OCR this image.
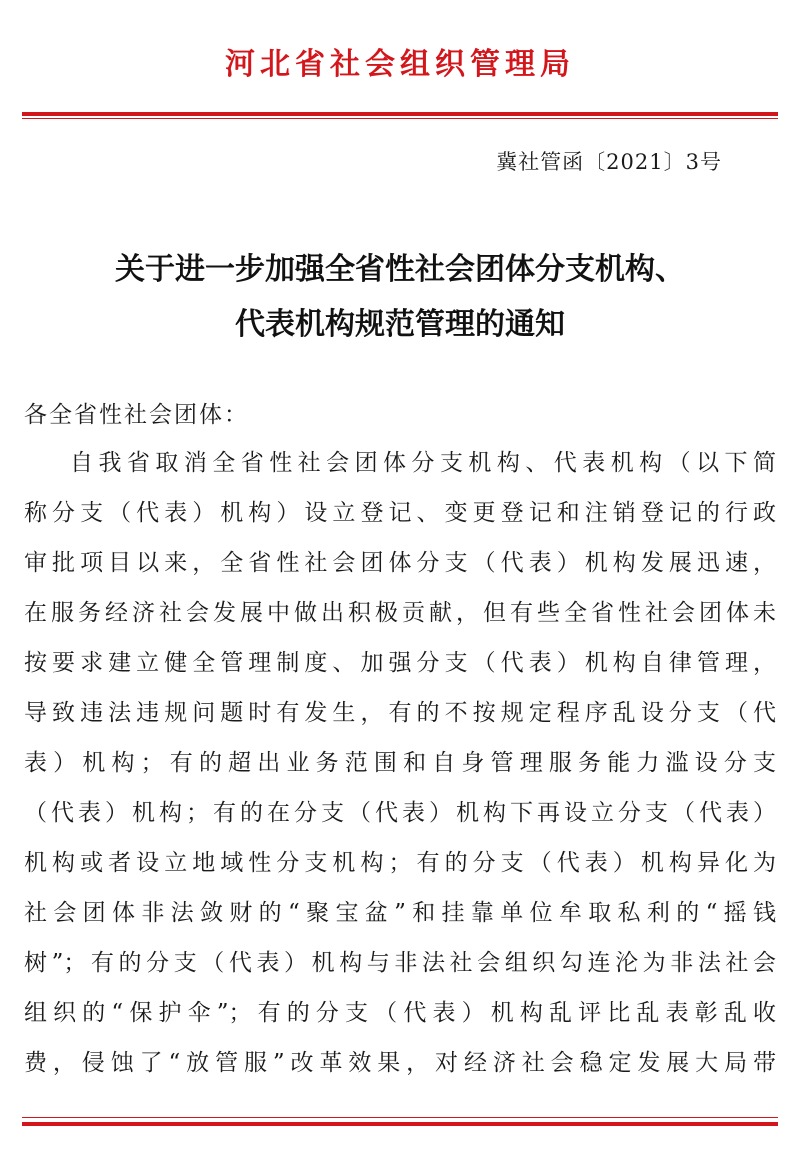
河北省社会组织管理局
冀社管函〔2021〕3号
关于进一步加强全省性社会团体分支机构、
代表机构规范管理的通知
各全省性社会团体：
自我省取消全省性社会团体分支机构、代表机构（以下简
称分支（代表）机构）设立登记、变更登记和注销登记的行政
审批项目以来，全省性社会团体分支（代表）机构发展迅速，
在服务经济社会发展中做出积极贡献，但有些全省性社会团体未
按要求建立健全管理制度、加强分支（代表）机构自律管理，
导致违法违规问题时有发生，有的不按规定程序乱设分支（代
表）机构；有的超出业务范围和自身管理服务能力滥设分支
（代表）机构；有的在分支（代表）机构下再设立分支（代表）
机构或者设立地域性分支机构；有的分支（代表）机构异化为
社会团体非法敛财的“聚宝盆”和挂靠单位牟取私利的“摇钱
树”；有的分支（代表）机构与非法社会组织勾连沦为非法社会
组织的“保护伞”；有的分支（代表）机构乱评比乱表彰乱收
费，侵蚀了“放管服”改革效果，对经济社会稳定发展大局带
